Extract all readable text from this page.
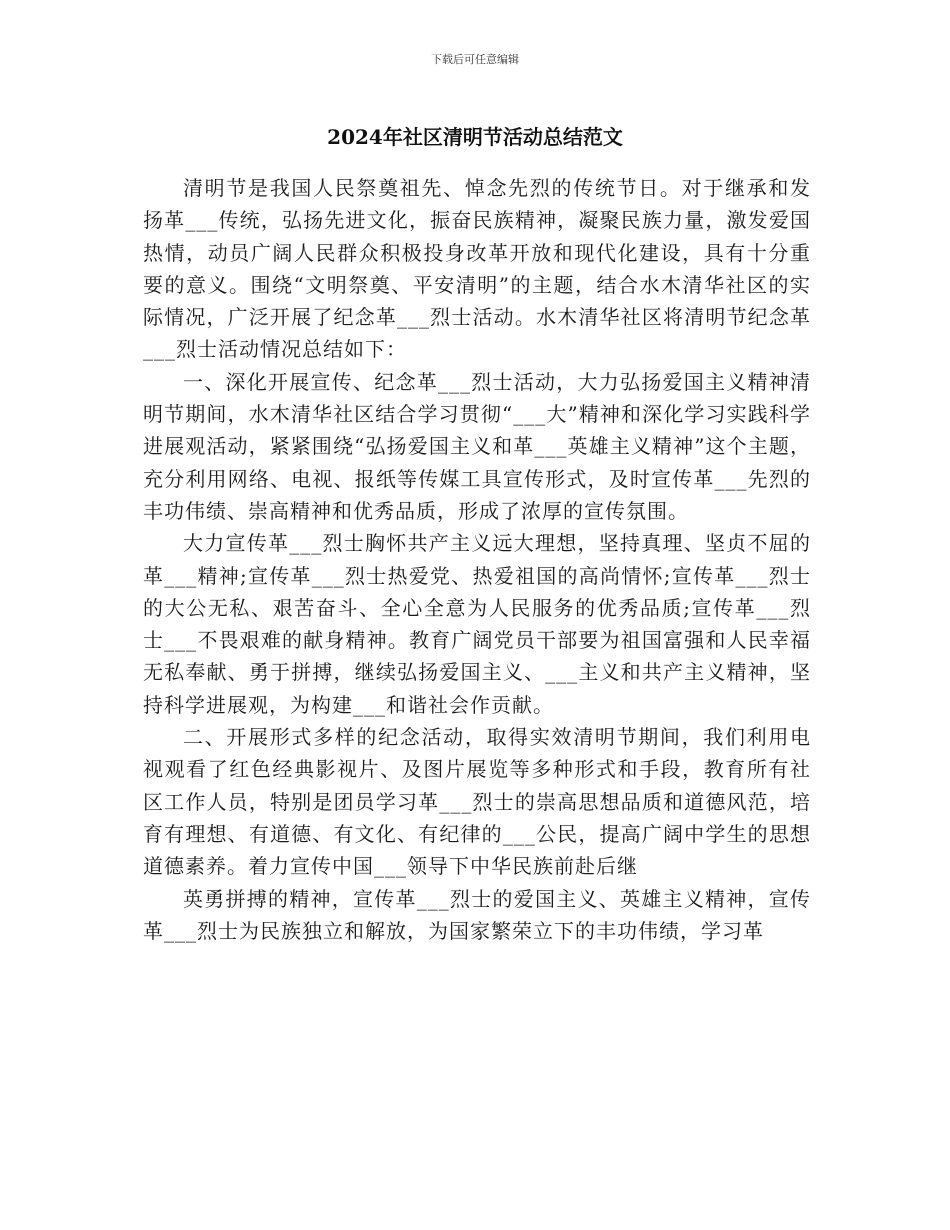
下载后可任意编辑
2024年社区清明节活动总结范文

清明节是我国人民祭奠祖先、悼念先烈的传统节日。对于继承和发扬革___传统，弘扬先进文化，振奋民族精神，凝聚民族力量，激发爱国热情，动员广阔人民群众积极投身改革开放和现代化建设，具有十分重要的意义。围绕“文明祭奠、平安清明”的主题，结合水木清华社区的实际情况，广泛开展了纪念革___烈士活动。水木清华社区将清明节纪念革___烈士活动情况总结如下：

一、深化开展宣传、纪念革___烈士活动，大力弘扬爱国主义精神清明节期间，水木清华社区结合学习贯彻“___大”精神和深化学习实践科学进展观活动，紧紧围绕“弘扬爱国主义和革___英雄主义精神”这个主题，充分利用网络、电视、报纸等传媒工具宣传形式，及时宣传革___先烈的丰功伟绩、崇高精神和优秀品质，形成了浓厚的宣传氛围。

大力宣传革___烈士胸怀共产主义远大理想，坚持真理、坚贞不屈的革___精神;宣传革___烈士热爱党、热爱祖国的高尚情怀;宣传革___烈士的大公无私、艰苦奋斗、全心全意为人民服务的优秀品质;宣传革___烈士___不畏艰难的献身精神。教育广阔党员干部要为祖国富强和人民幸福无私奉献、勇于拼搏，继续弘扬爱国主义、___主义和共产主义精神，坚持科学进展观，为构建___和谐社会作贡献。

二、开展形式多样的纪念活动，取得实效清明节期间，我们利用电视观看了红色经典影视片、及图片展览等多种形式和手段，教育所有社区工作人员，特别是团员学习革___烈士的崇高思想品质和道德风范，培育有理想、有道德、有文化、有纪律的___公民，提高广阔中学生的思想道德素养。着力宣传中国___领导下中华民族前赴后继

英勇拼搏的精神，宣传革___烈士的爱国主义、英雄主义精神，宣传革___烈士为民族独立和解放，为国家繁荣立下的丰功伟绩，学习革
